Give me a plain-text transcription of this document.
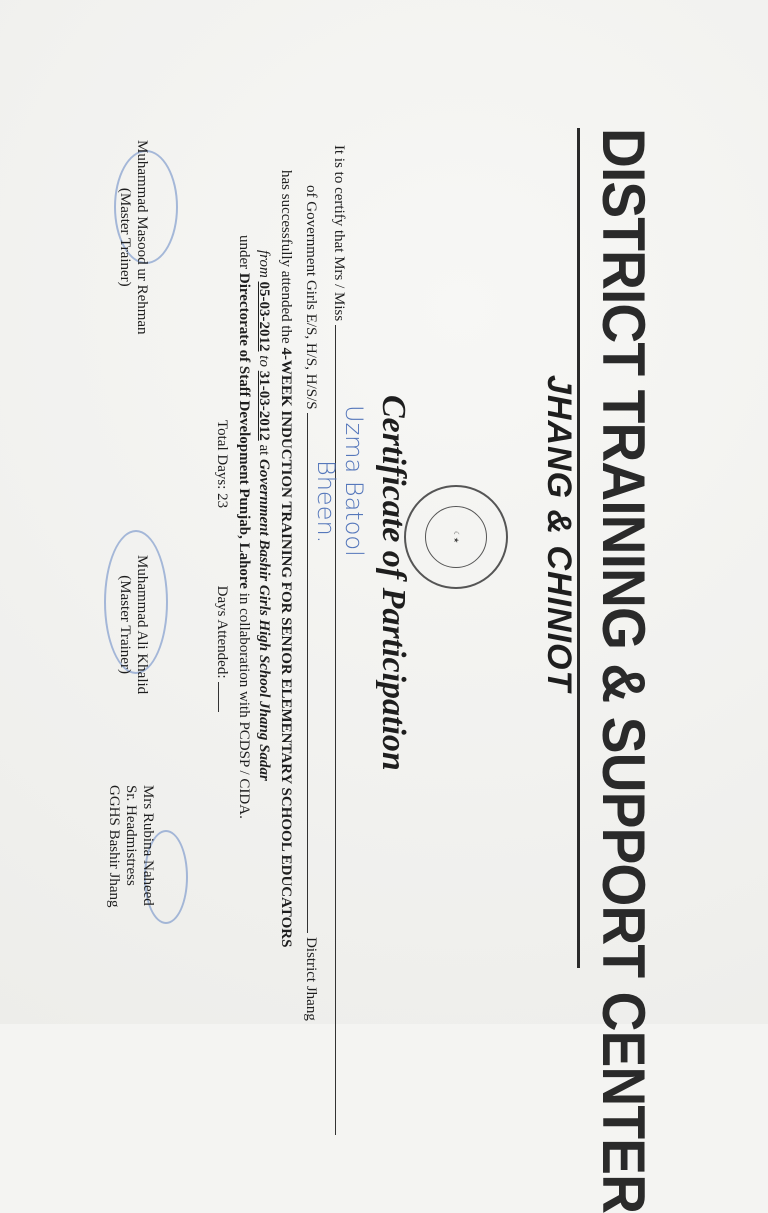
DISTRICT TRAINING & SUPPORT CENTER
JHANG & CHINIOT
☾★
Certificate of Participation
It is to certify that Mrs / Miss
Uzma Batool
of Government Girls E/S, H/S, H/S/S  District Jhang
Bheen.
has successfully attended the 4-WEEK INDUCTION TRAINING FOR SENIOR ELEMENTARY SCHOOL EDUCATORS
from 05-03-2012 to 31-03-2012 at Government Bashir Girls High School Jhang Sadar
under Directorate of Staff Development Punjab, Lahore in collaboration with PCDSP / CIDA.
Total Days: 23  Days Attended:
Muhammad Masood ur Rehman
(Master Trainer)
Muhammad Ali Khalid
(Master Trainer)
Mrs Rubina Naheed
Sr. Headmistress
GGHS Bashir Jhang
